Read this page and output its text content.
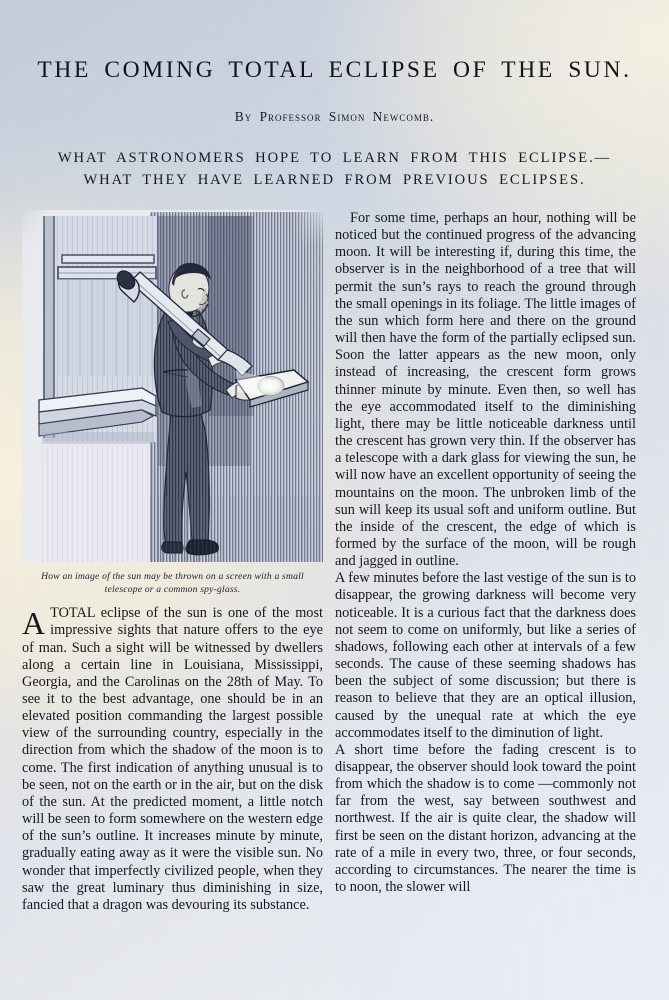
THE COMING TOTAL ECLIPSE OF THE SUN.
By Professor Simon Newcomb.
WHAT ASTRONOMERS HOPE TO LEARN FROM THIS ECLIPSE.—
WHAT THEY HAVE LEARNED FROM PREVIOUS ECLIPSES.
How an image of the sun may be thrown on a screen with a small telescope or a common spy-glass.

ATOTAL eclipse of the sun is one of the most impressive sights that nature offers to the eye of man. Such a sight will be witnessed by dwellers along a certain line in Louisiana, Mississippi, Georgia, and the Carolinas on the 28th of May. To see it to the best advantage, one should be in an elevated position commanding the largest possible view of the surrounding country, especially in the direction from which the shadow of the moon is to come. The first indication of anything unusual is to be seen, not on the earth or in the air, but on the disk of the sun. At the predicted moment, a little notch will be seen to form somewhere on the western edge of the sun’s outline. It increases minute by minute, gradually eating away as it were the visible sun. No wonder that imperfectly civilized people, when they saw the great luminary thus diminishing in size, fancied that a dragon was devouring its substance.

For some time, perhaps an hour, nothing will be noticed but the continued progress of the advancing moon. It will be interesting if, during this time, the observer is in the neighborhood of a tree that will permit the sun’s rays to reach the ground through the small openings in its foliage. The little images of the sun which form here and there on the ground will then have the form of the partially eclipsed sun. Soon the latter appears as the new moon, only instead of increasing, the crescent form grows thinner minute by minute. Even then, so well has the eye accommodated itself to the diminishing light, there may be little noticeable darkness until the crescent has grown very thin. If the observer has a telescope with a dark glass for viewing the sun, he will now have an excellent opportunity of seeing the mountains on the moon. The unbroken limb of the sun will keep its usual soft and uniform outline. But the inside of the crescent, the edge of which is formed by the surface of the moon, will be rough and jagged in outline.

A few minutes before the last vestige of the sun is to disappear, the growing darkness will become very noticeable. It is a curious fact that the darkness does not seem to come on uniformly, but like a series of shadows, following each other at intervals of a few seconds. The cause of these seeming shadows has been the subject of some discussion; but there is reason to believe that they are an optical illusion, caused by the unequal rate at which the eye accommodates itself to the diminution of light.

A short time before the fading crescent is to disappear, the observer should look toward the point from which the shadow is to come —commonly not far from the west, say between southwest and northwest. If the air is quite clear, the shadow will first be seen on the distant horizon, advancing at the rate of a mile in every two, three, or four seconds, according to circumstances. The nearer the time is to noon, the slower will
